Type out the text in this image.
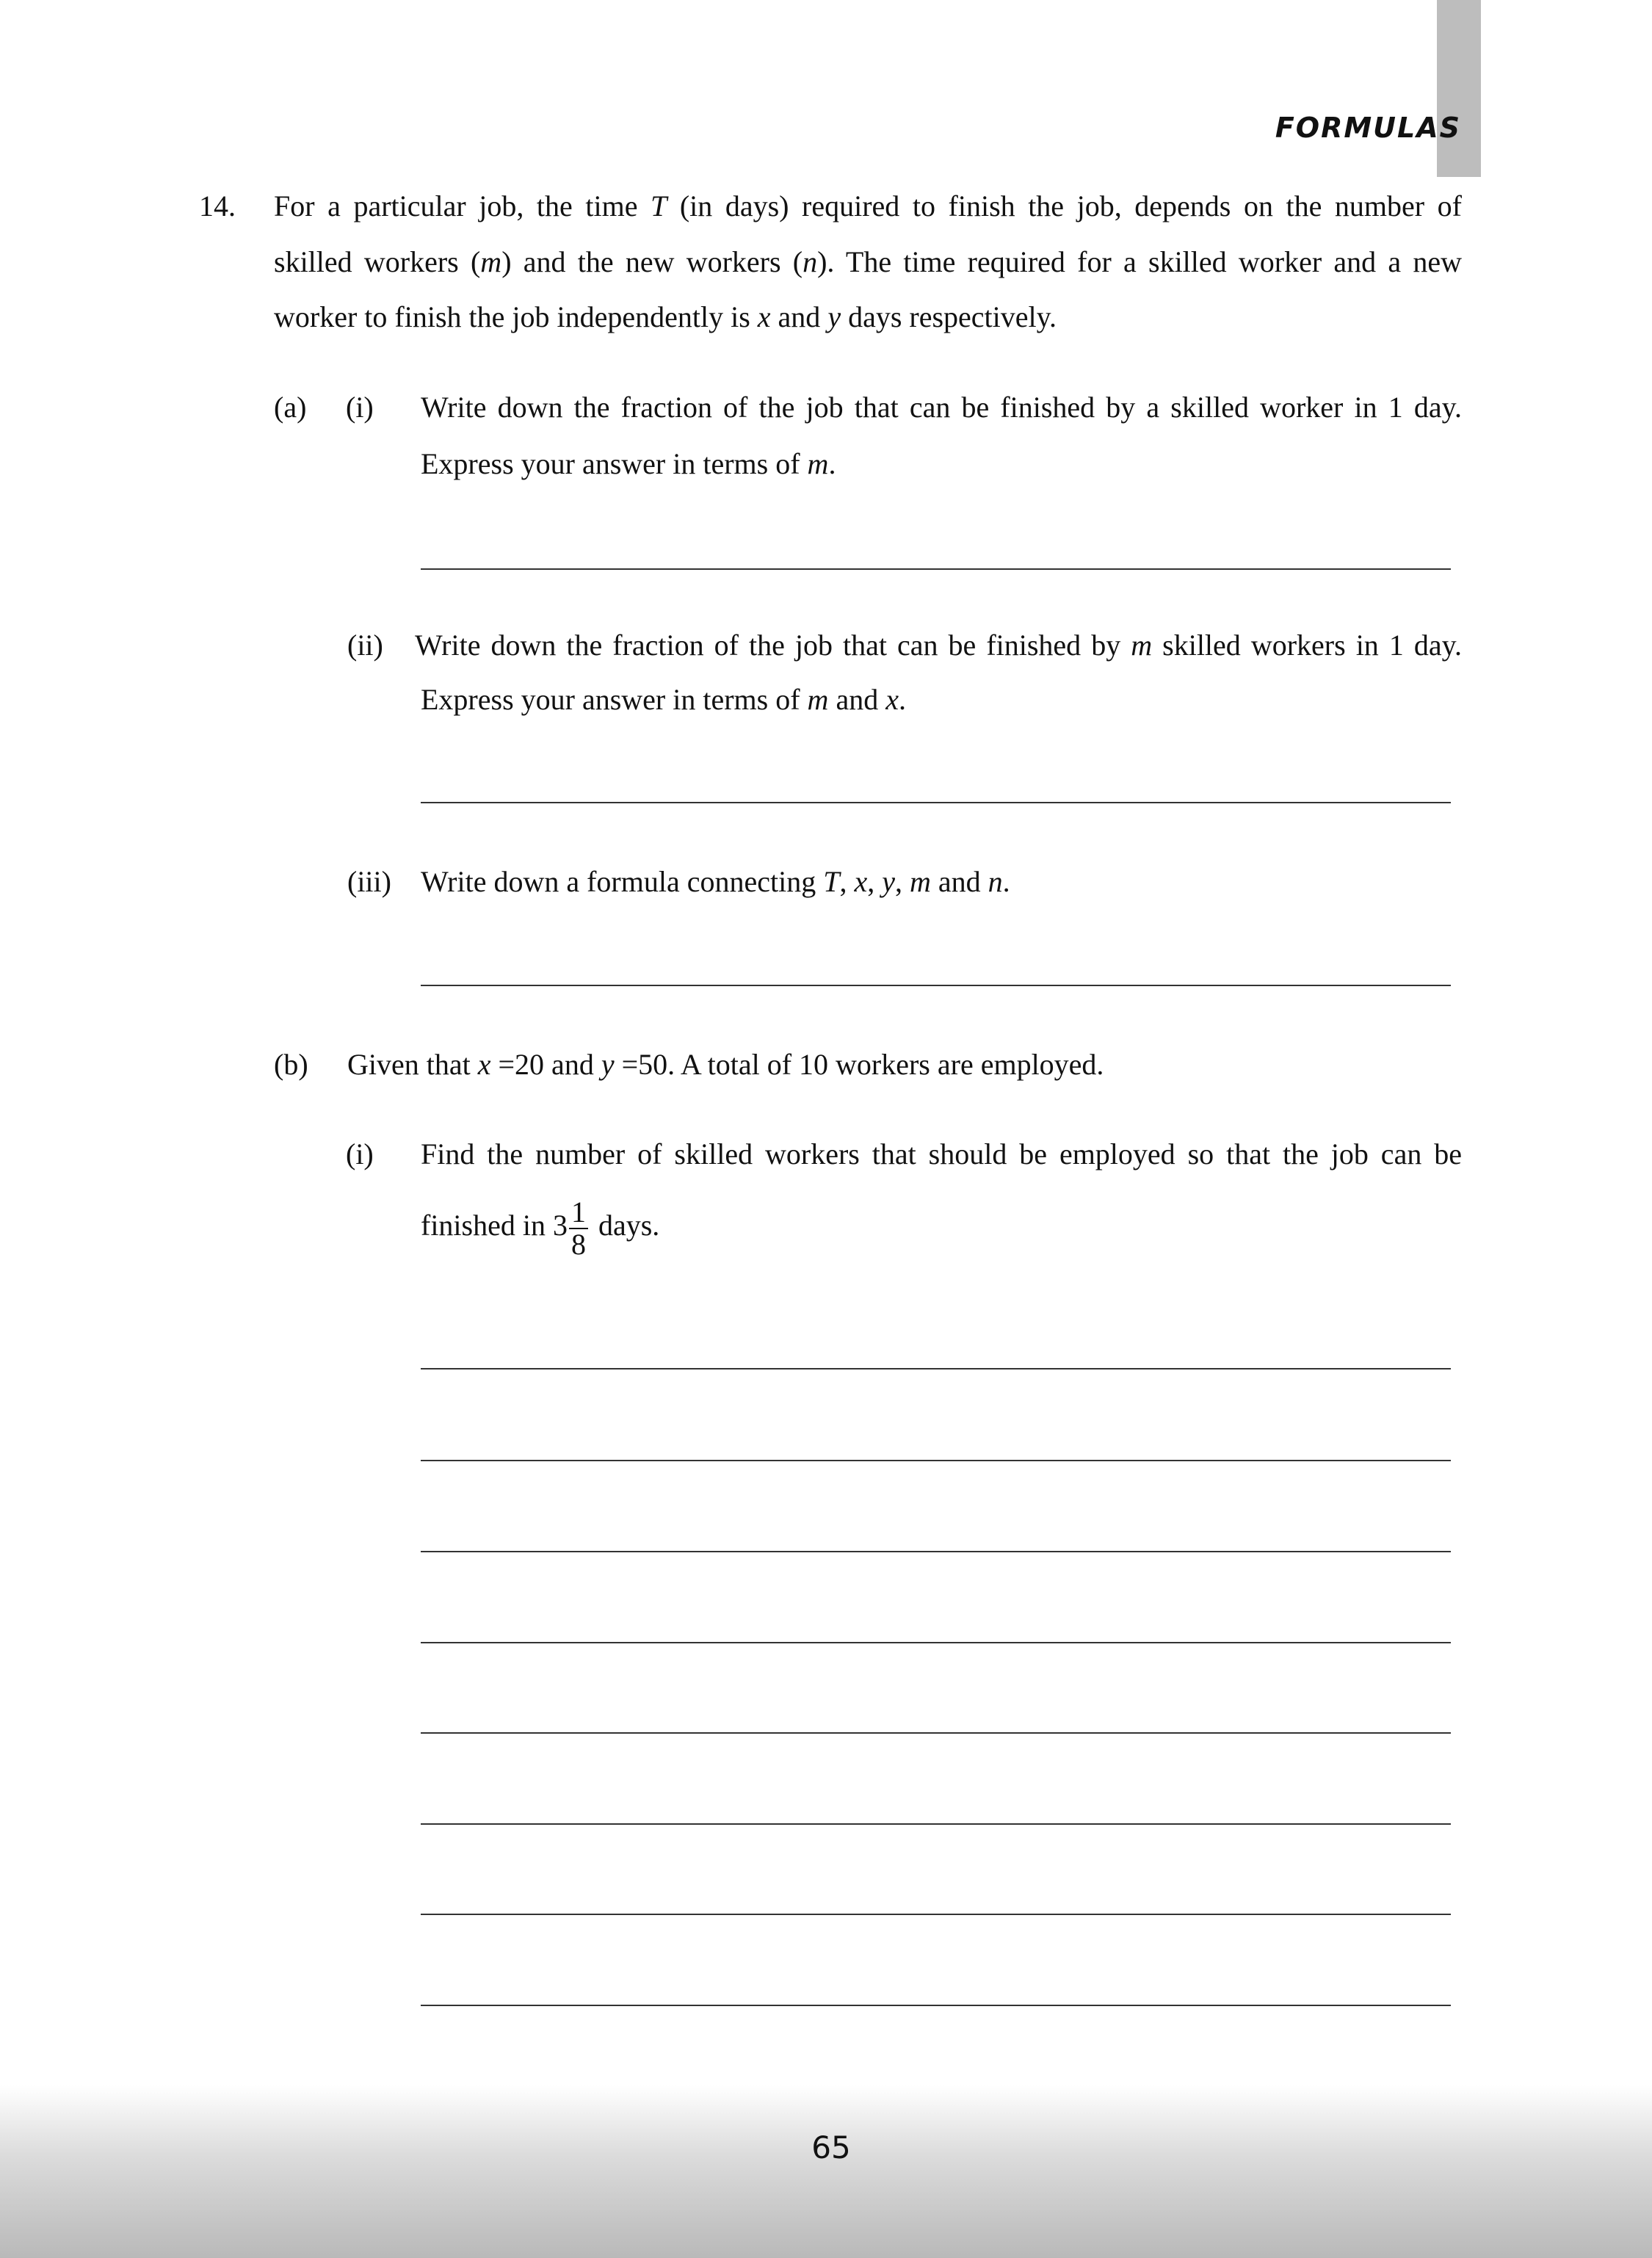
FORMULAS
14. For a particular job, the time T (in days) required to finish the job, depends on the number of
skilled workers (m) and the new workers (n). The time required for a skilled worker and a new
worker to finish the job independently is x and y days respectively.
(a) (i) Write down the fraction of the job that can be finished by a skilled worker in 1 day.
Express your answer in terms of m.
(ii) Write down the fraction of the job that can be finished by m skilled workers in 1 day.
Express your answer in terms of m and x.
(iii) Write down a formula connecting T, x, y, m and n.
(b) Given that x =20 and y =50. A total of 10 workers are employed.
(i) Find the number of skilled workers that should be employed so that the job can be
finished in $3 \frac{1}{8}$ days.
65
